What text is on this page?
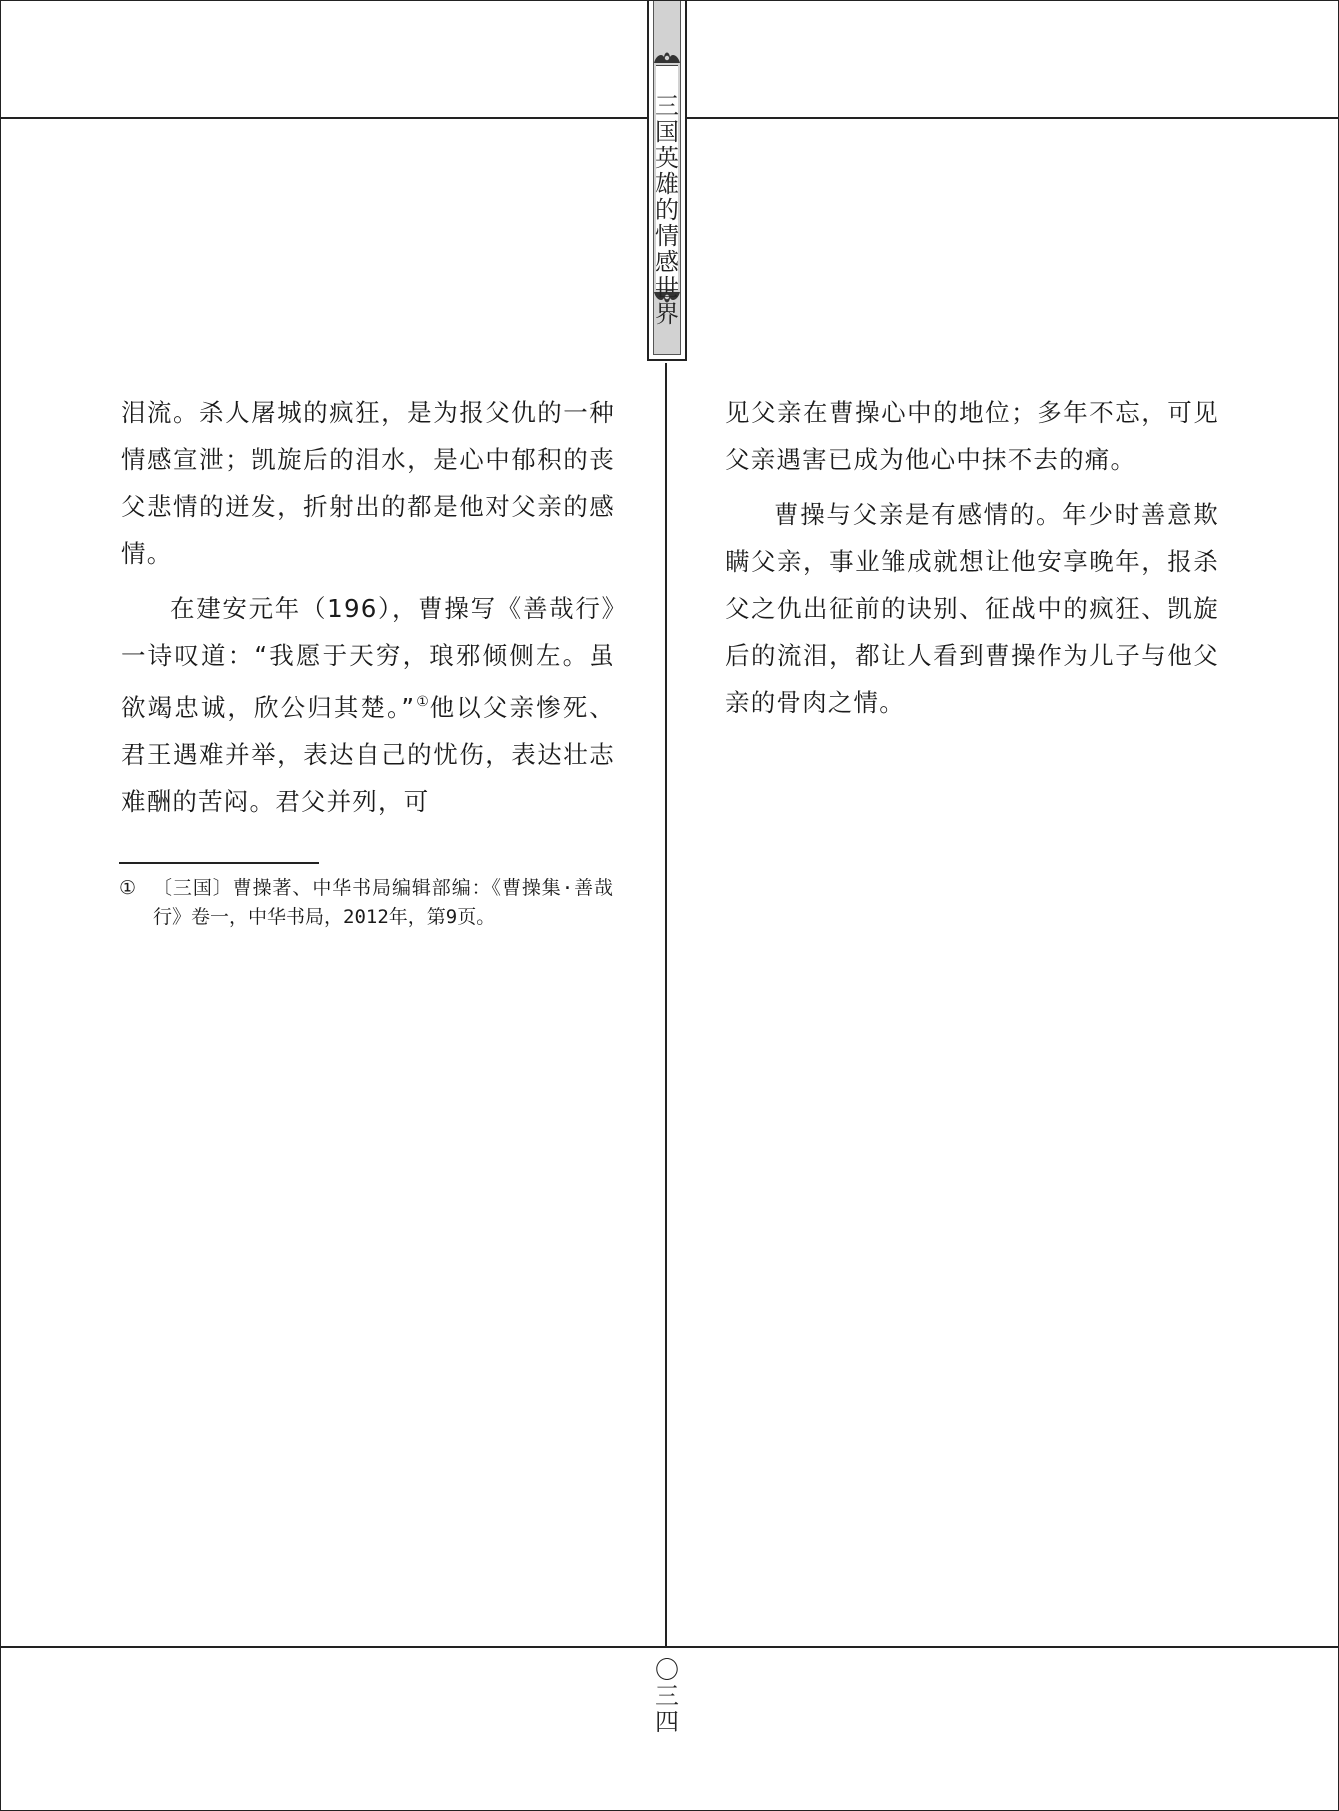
三
国
英
雄
的
情
感
世
界

泪流。杀人屠城的疯狂，是为报父仇的一种情感宣泄；凯旋后的泪水，是心中郁积的丧父悲情的迸发，折射出的都是他对父亲的感情。

在建安元年（196），曹操写《善哉行》一诗叹道：“我愿于天穷，琅邪倾侧左。虽欲竭忠诚，欣公归其楚。”①他以父亲惨死、君王遇难并举，表达自己的忧伤，表达壮志难酬的苦闷。君父并列，可

① 〔三国〕曹操著、中华书局编辑部编：《曹操集·善哉行》卷一，中华书局，2012年，第9页。

见父亲在曹操心中的地位；多年不忘，可见父亲遇害已成为他心中抹不去的痛。

曹操与父亲是有感情的。年少时善意欺瞒父亲，事业雏成就想让他安享晚年，报杀父之仇出征前的诀别、征战中的疯狂、凯旋后的流泪，都让人看到曹操作为儿子与他父亲的骨肉之情。

〇
三
四
